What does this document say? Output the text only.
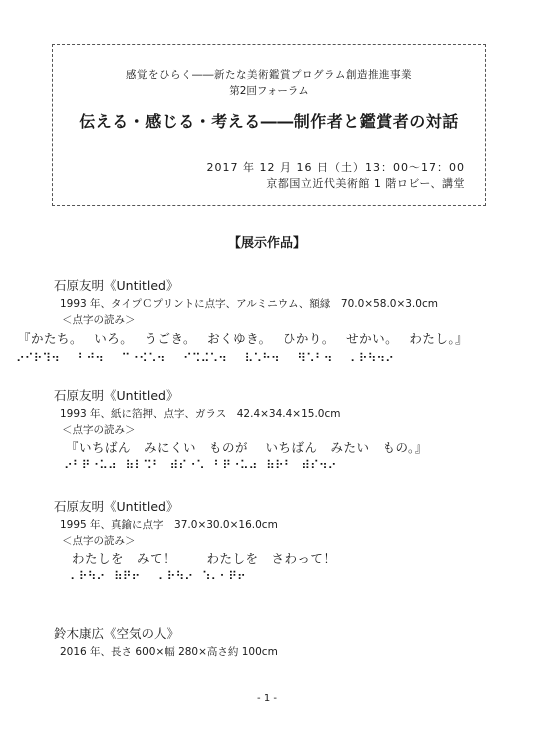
感覚をひらく――新たな美術鑑賞プログラム創造推進事業
第2回フォーラム
伝える・感じる・考える――制作者と鑑賞者の対話
2017 年 12 月 16 日（土）13：00～17：00
京都国立近代美術館 1 階ロビー、講堂
【展示作品】
石原友明《Untitled》
1993 年、タイプＣプリントに点字、アルミニウム、額縁　70.0×58.0×3.0cm
＜点字の読み＞
『かたち。　 いろ。　 うごき。　 おくゆき。　 ひかり。　 せかい。　 わたし。』
⠔⠊⠗⠹⠲⠀⠀⠃⠚⠲⠀⠀⠉⠐⠪⠡⠲⠀⠀⠊⠩⠬⠡⠲⠀⠀⠧⠡⠓⠲⠀⠀⠻⠡⠃⠲⠀⠀⠄⠗⠳⠲⠔
石原友明《Untitled》
1993 年、紙に箔押、点字、ガラス　42.4×34.4×15.0cm
＜点字の読み＞
『いちばん　みにくい　ものが　 いちばん　みたい　もの。』
⠔⠃⠟⠐⠥⠴⠀⠷⠇⠩⠃⠀⠾⠎⠐⠡⠀⠃⠟⠐⠥⠴⠀⠷⠗⠃⠀⠾⠎⠲⠔
石原友明《Untitled》
1995 年、真鍮に点字　37.0×30.0×16.0cm
＜点字の読み＞
わたしを　みて！　　 わたしを　さわって！
⠄⠗⠳⠔⠀⠷⠟⠖⠀⠀⠄⠗⠳⠔⠀⠱⠄⠂⠟⠖
鈴木康広《空気の人》
2016 年、長さ 600×幅 280×高さ約 100cm
- 1 -
